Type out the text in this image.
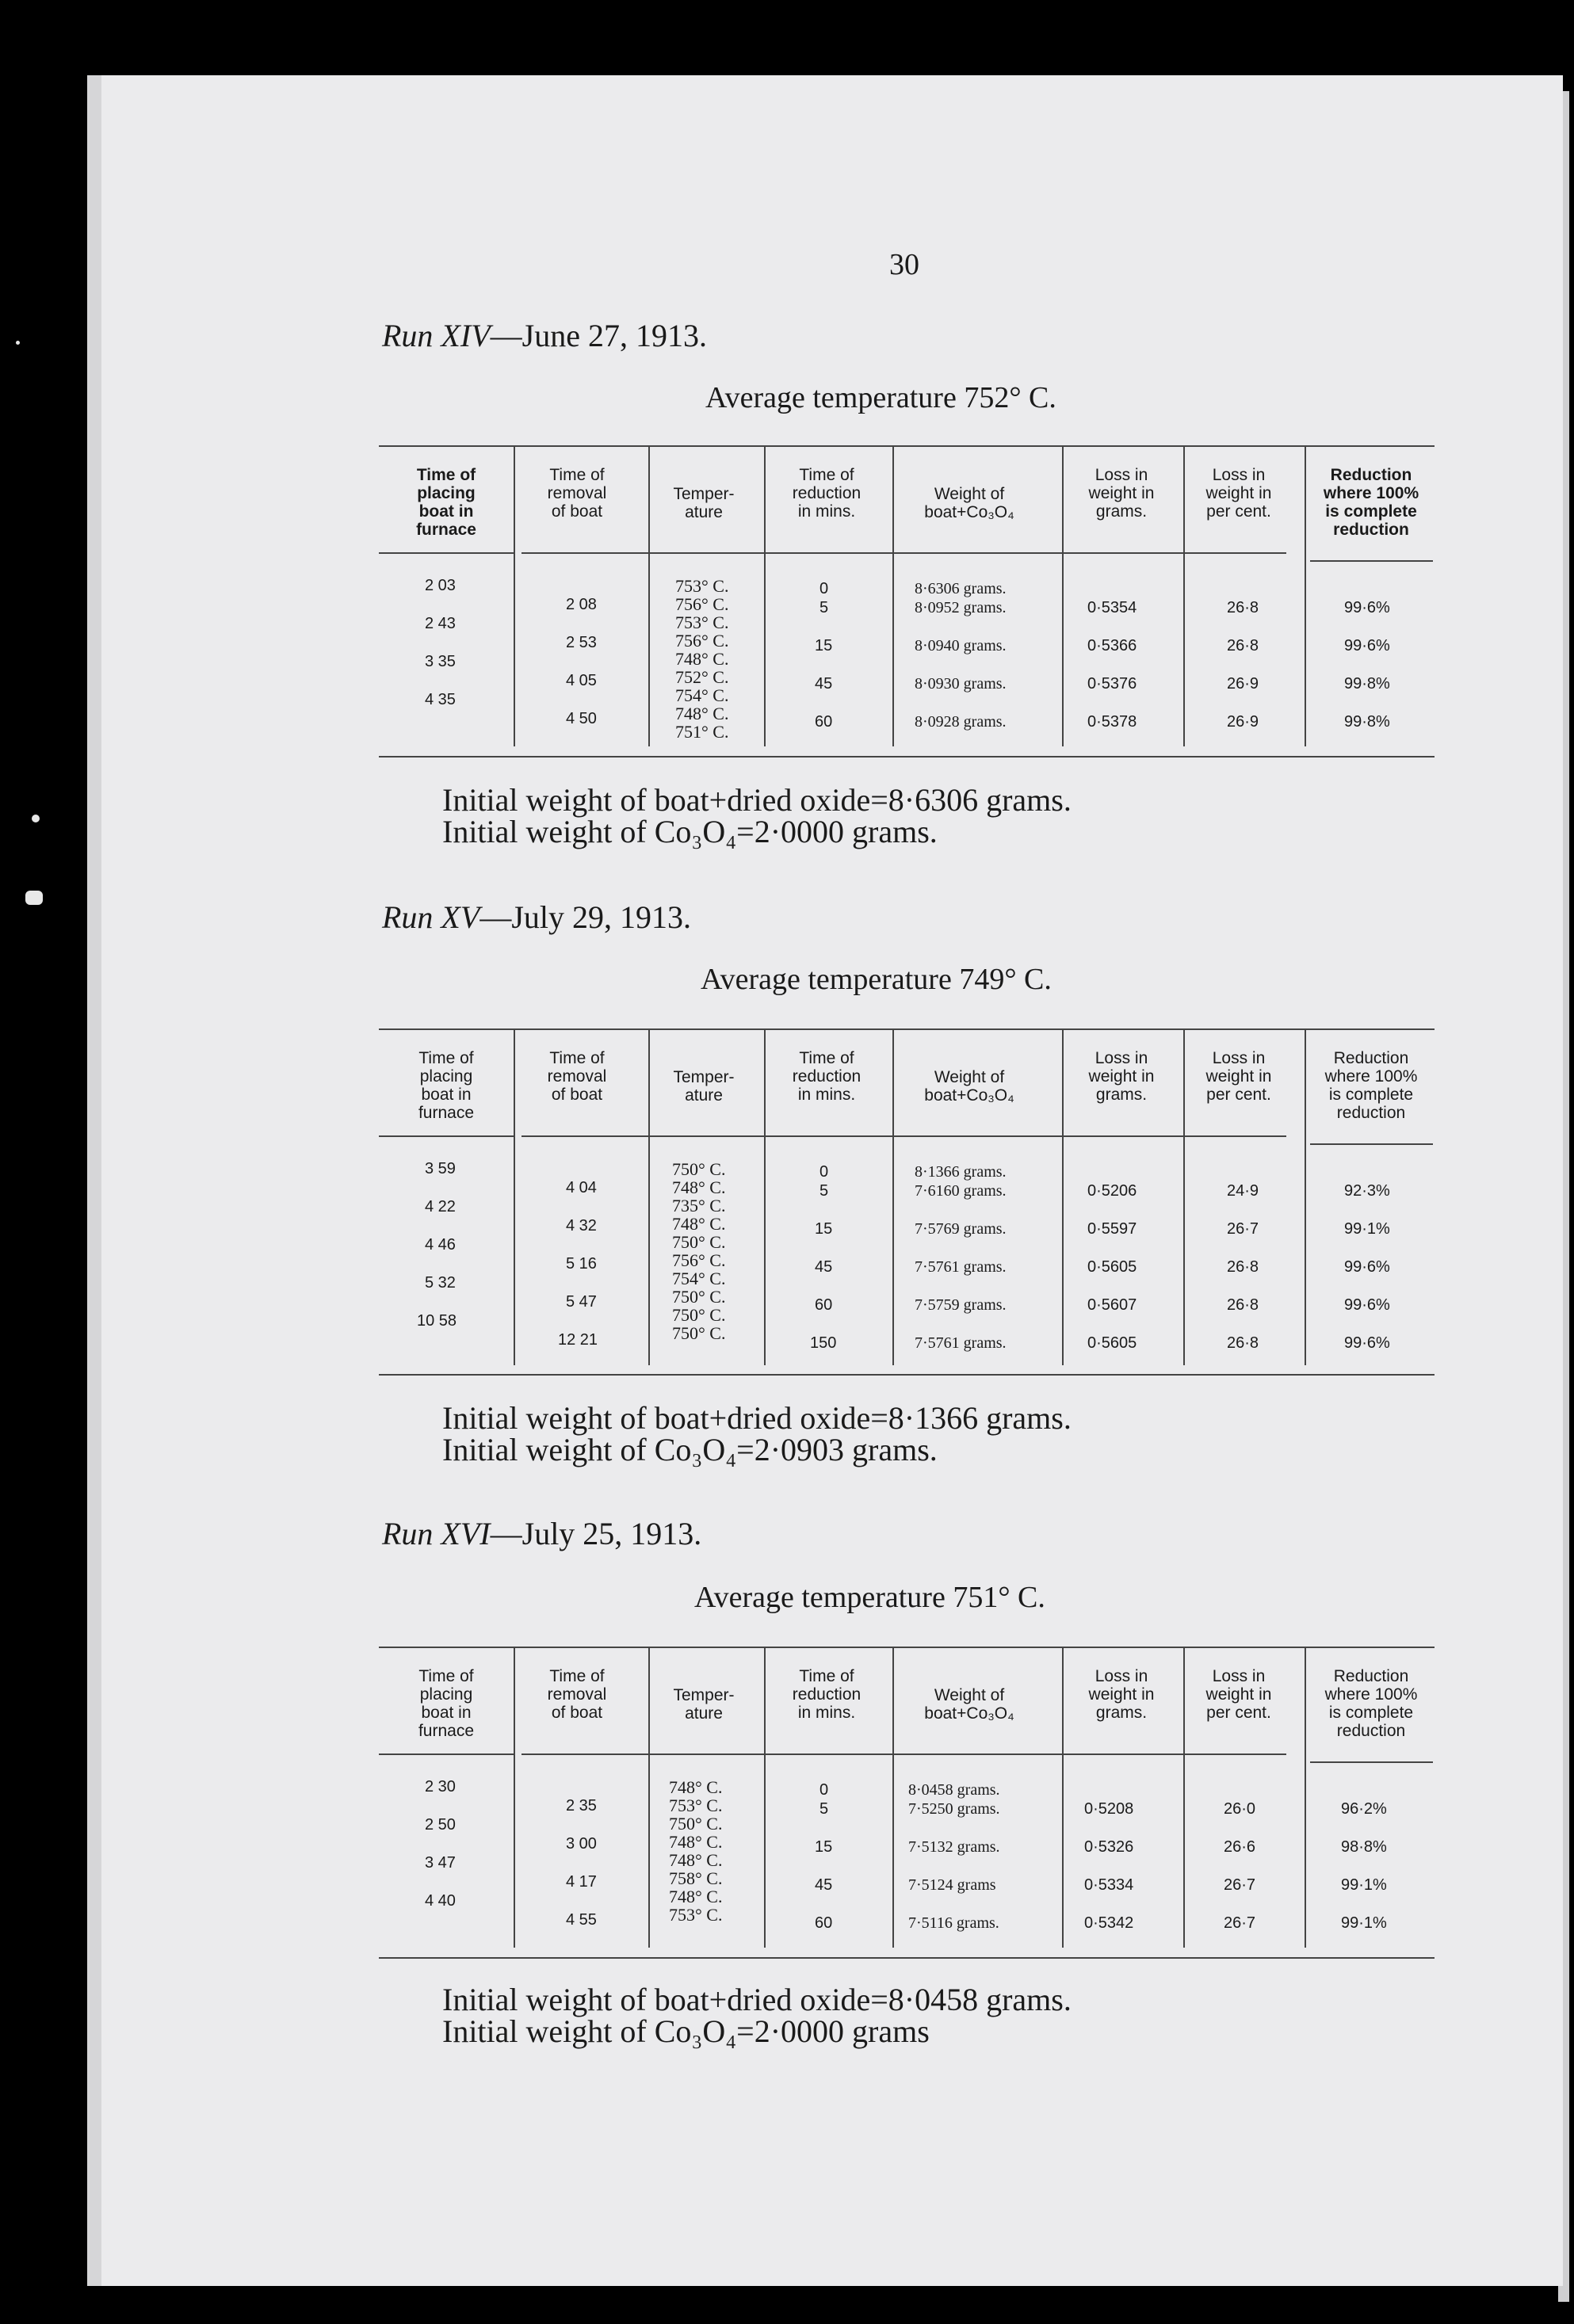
30
Run XIV—June 27, 1913.
Average temperature 752° C.
Time of
placing
boat in
furnace
Time of
removal
of boat
Temper-
ature
Time of
reduction
in mins.
Weight of
boat+Co₃O₄
Loss in
weight in
grams.
Loss in
weight in
per cent.
Reduction
where 100%
is complete
reduction
2 03
2 43
3 35
4 35
2 08
2 53
4 05
4 50
753° C.
756° C.
753° C.
756° C.
748° C.
752° C.
754° C.
748° C.
751° C.
0
5
15
45
60
8·6306 grams.
8·0952 grams.
8·0940 grams.
8·0930 grams.
8·0928 grams.
0·5354
0·5366
0·5376
0·5378
26·8
26·8
26·9
26·9
99·6%
99·6%
99·8%
99·8%
Initial weight of boat+dried oxide=8·6306 grams.
Initial weight of Co₃O₄=2·0000 grams.
Run XV—July 29, 1913.
Average temperature 749° C.
Time of
placing
boat in
furnace
Time of
removal
of boat
Temper-
ature
Time of
reduction
in mins.
Weight of
boat+Co₃O₄
Loss in
weight in
grams.
Loss in
weight in
per cent.
Reduction
where 100%
is complete
reduction
3 59
4 22
4 46
5 32
10 58
4 04
4 32
5 16
5 47
12 21
750° C.
748° C.
735° C.
748° C.
750° C.
756° C.
754° C.
750° C.
750° C.
750° C.
0
5
15
45
60
150
8·1366 grams.
7·6160 grams.
7·5769 grams.
7·5761 grams.
7·5759 grams.
7·5761 grams.
0·5206
0·5597
0·5605
0·5607
0·5605
24·9
26·7
26·8
26·8
26·8
92·3%
99·1%
99·6%
99·6%
99·6%
Initial weight of boat+dried oxide=8·1366 grams.
Initial weight of Co₃O₄=2·0903 grams.
Run XVI—July 25, 1913.
Average temperature 751° C.
Time of
placing
boat in
furnace
Time of
removal
of boat
Temper-
ature
Time of
reduction
in mins.
Weight of
boat+Co₃O₄
Loss in
weight in
grams.
Loss in
weight in
per cent.
Reduction
where 100%
is complete
reduction
2 30
2 50
3 47
4 40
2 35
3 00
4 17
4 55
748° C.
753° C.
750° C.
748° C.
748° C.
758° C.
748° C.
753° C.
0
5
15
45
60
8·0458 grams.
7·5250 grams.
7·5132 grams.
7·5124 grams
7·5116 grams.
0·5208
0·5326
0·5334
0·5342
26·0
26·6
26·7
26·7
96·2%
98·8%
99·1%
99·1%
Initial weight of boat+dried oxide=8·0458 grams.
Initial weight of Co₃O₄=2·0000 grams
